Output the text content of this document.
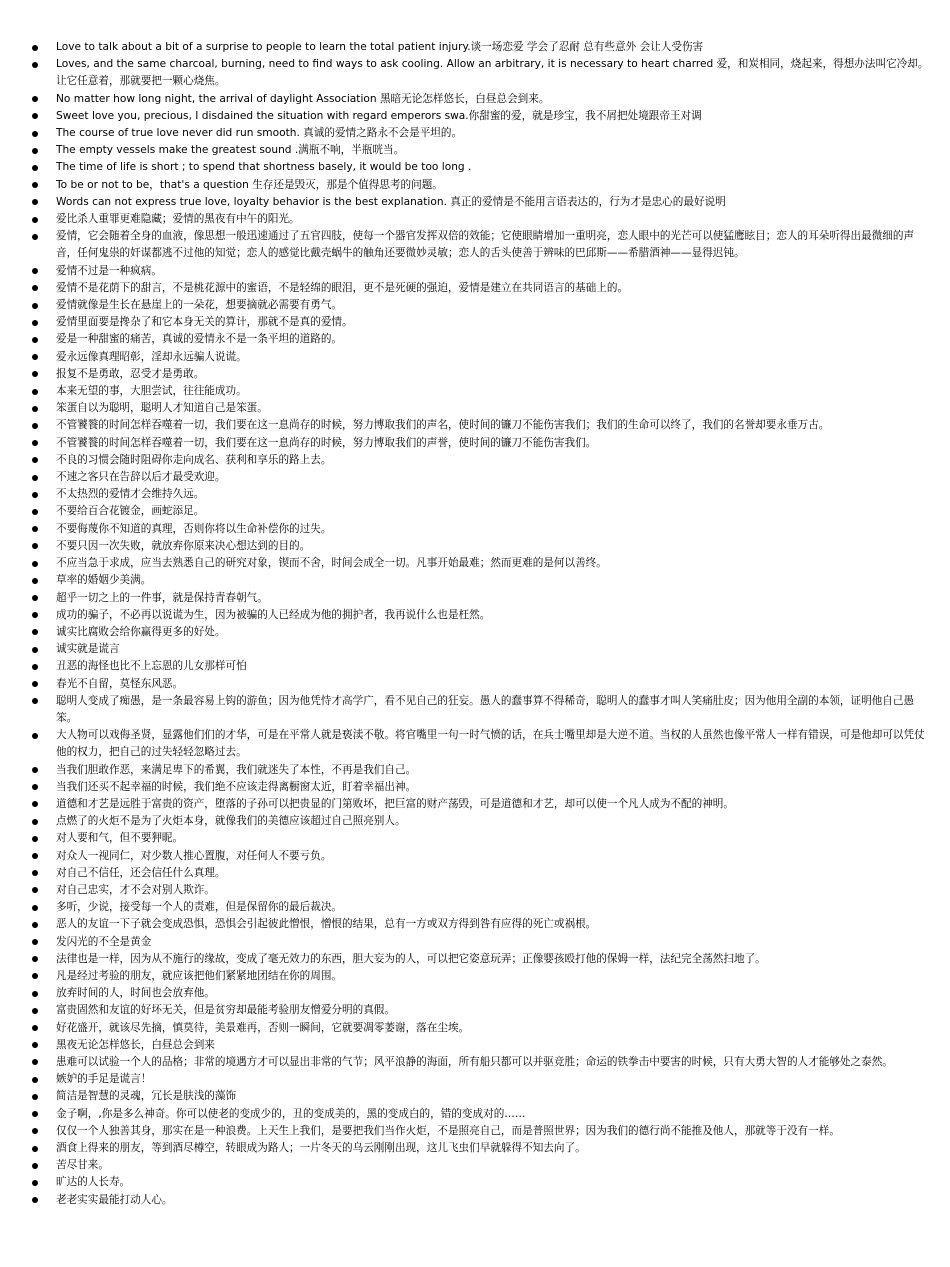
Love to talk about a bit of a surprise to people to learn the total patient injury.谈一场恋爱 学会了忍耐 总有些意外 会让人受伤害
Loves, and the same charcoal, burning, need to find ways to ask cooling. Allow an arbitrary, it is necessary to heart charred 爱，和炭相同，烧起来，得想办法叫它冷却。让它任意着，那就要把一颗心烧焦。
No matter how long night, the arrival of daylight Association 黑暗无论怎样悠长，白昼总会到来。
Sweet love you, precious, I disdained the situation with regard emperors swa.你甜蜜的爱，就是珍宝，我不屑把处境跟帝王对调
The course of true love never did run smooth. 真诚的爱情之路永不会是平坦的。
The empty vessels make the greatest sound .满瓶不响，半瓶咣当。
The time of life is short ; to spend that shortness basely, it would be too long .
To be or not to be，that's a question 生存还是毁灭，那是个值得思考的问题。
Words can not express true love, loyalty behavior is the best explanation. 真正的爱情是不能用言语表达的，行为才是忠心的最好说明
爱比杀人重罪更难隐藏；爱情的黑夜有中午的阳光。
爱情，它会随着全身的血液，像思想一般迅速通过了五官四肢，使每一个器官发挥双倍的效能；它使眼睛增加一重明亮，恋人眼中的光芒可以使猛鹰眩目；恋人的耳朵听得出最微细的声音，任何鬼祟的奸谋都逃不过他的知觉；恋人的感觉比戴壳蜗牛的触角还要微妙灵敏；恋人的舌头使善于辨味的巴邱斯——希腊酒神——显得迟钝。
爱情不过是一种疯病。
爱情不是花荫下的甜言，不是桃花源中的蜜语，不是轻绵的眼泪，更不是死硬的强迫，爱情是建立在共同语言的基础上的。
爱情就像是生长在悬崖上的一朵花，想要摘就必需要有勇气。
爱情里面要是搀杂了和它本身无关的算计，那就不是真的爱情。
爱是一种甜蜜的痛苦，真诚的爱情永不是一条平坦的道路的。
爱永远像真理昭彰，淫却永远骗人说谎。
报复不是勇敢，忍受才是勇敢。
本来无望的事，大胆尝试，往往能成功。
笨蛋自以为聪明，聪明人才知道自己是笨蛋。
不管饕餮的时间怎样吞噬着一切，我们要在这一息尚存的时候，努力博取我们的声名，使时间的镰刀不能伤害我们；我们的生命可以终了，我们的名誉却要永垂万古。
不管饕餮的时间怎样吞噬着一切，我们要在这一息尚存的时候，努力博取我们的声誉，使时间的镰刀不能伤害我们。
不良的习惯会随时阻碍你走向成名、获利和享乐的路上去。
不速之客只在告辞以后才最受欢迎。
不太热烈的爱情才会维持久远。
不要给百合花镀金，画蛇添足。
不要侮蔑你不知道的真理，否则你将以生命补偿你的过失。
不要只因一次失败，就放弃你原来决心想达到的目的。
不应当急于求成，应当去熟悉自己的研究对象，锲而不舍，时间会成全一切。凡事开始最难；然而更难的是何以善终。
草率的婚姻少美满。
超乎一切之上的一件事，就是保持青春朝气。
成功的骗子，不必再以说谎为生，因为被骗的人已经成为他的拥护者，我再说什么也是枉然。
诚实比腐败会给你赢得更多的好处。
诚实就是谎言
丑恶的海怪也比不上忘恩的儿女那样可怕
春光不自留，莫怪东风恶。
聪明人变成了痴愚，是一条最容易上钩的游鱼；因为他凭恃才高学广，看不见自己的狂妄。愚人的蠢事算不得稀奇，聪明人的蠢事才叫人笑痛肚皮；因为他用全副的本领，证明他自己愚笨。
大人物可以戏侮圣贤，显露他们们的才华，可是在平常人就是亵渎不敬。将官嘴里一句一时气愤的话，在兵士嘴里却是大逆不道。当权的人虽然也像平常人一样有错误，可是他却可以凭仗他的权力，把自己的过失轻轻忽略过去。
当我们胆敢作恶，来满足卑下的希翼，我们就迷失了本性，不再是我们自己。
当我们还买不起幸福的时候，我们绝不应该走得离橱窗太近，盯着幸福出神。
道德和才艺是远胜于富贵的资产，堕落的子孙可以把贵显的门第败坏，把巨富的财产荡毁，可是道德和才艺，却可以使一个凡人成为不配的神明。
点燃了的火炬不是为了火炬本身，就像我们的美德应该超过自己照亮别人。
对人要和气，但不要狎昵。
对众人一视同仁，对少数人推心置腹，对任何人不要亏负。
对自己不信任，还会信任什么真理。
对自己忠实，才不会对别人欺诈。
多听，少说，接受每一个人的责难，但是保留你的最后裁决。
恶人的友谊一下子就会变成恐惧，恐惧会引起彼此憎恨，憎恨的结果，总有一方或双方得到咎有应得的死亡或祸根。
发闪光的不全是黄金
法律也是一样，因为从不施行的缘故，变成了毫无效力的东西，胆大妄为的人，可以把它姿意玩弄；正像婴孩殴打他的保姆一样，法纪完全荡然扫地了。
凡是经过考验的朋友，就应该把他们紧紧地团结在你的周围。
放弃时间的人，时间也会放弃他。
富贵固然和友谊的好坏无关，但是贫穷却最能考验朋友憎爱分明的真假。
好花盛开，就该尽先摘，慎莫待，美景难再，否则一瞬间，它就要凋零萎谢，落在尘埃。
黑夜无论怎样悠长，白昼总会到来
患难可以试验一个人的品格；非常的境遇方才可以显出非常的气节；风平浪静的海面，所有船只都可以并驱竞胜；命运的铁拳击中要害的时候，只有大勇大智的人才能够处之泰然。
嫉妒的手足是谎言！
简洁是智慧的灵魂，冗长是肤浅的藻饰
金子啊，,你是多么神奇。你可以使老的变成少的，丑的变成美的，黑的变成白的，错的变成对的……
仅仅一个人独善其身，那实在是一种浪费。上天生上我们，是要把我们当作火炬，不是照亮自己，而是普照世界；因为我们的德行尚不能推及他人，那就等于没有一样。
酒食上得来的朋友，等到酒尽樽空，转眼成为路人；一片冬天的乌云刚刚出现，这儿飞虫们早就躲得不知去向了。
苦尽甘来。
旷达的人长寿。
老老实实最能打动人心。
